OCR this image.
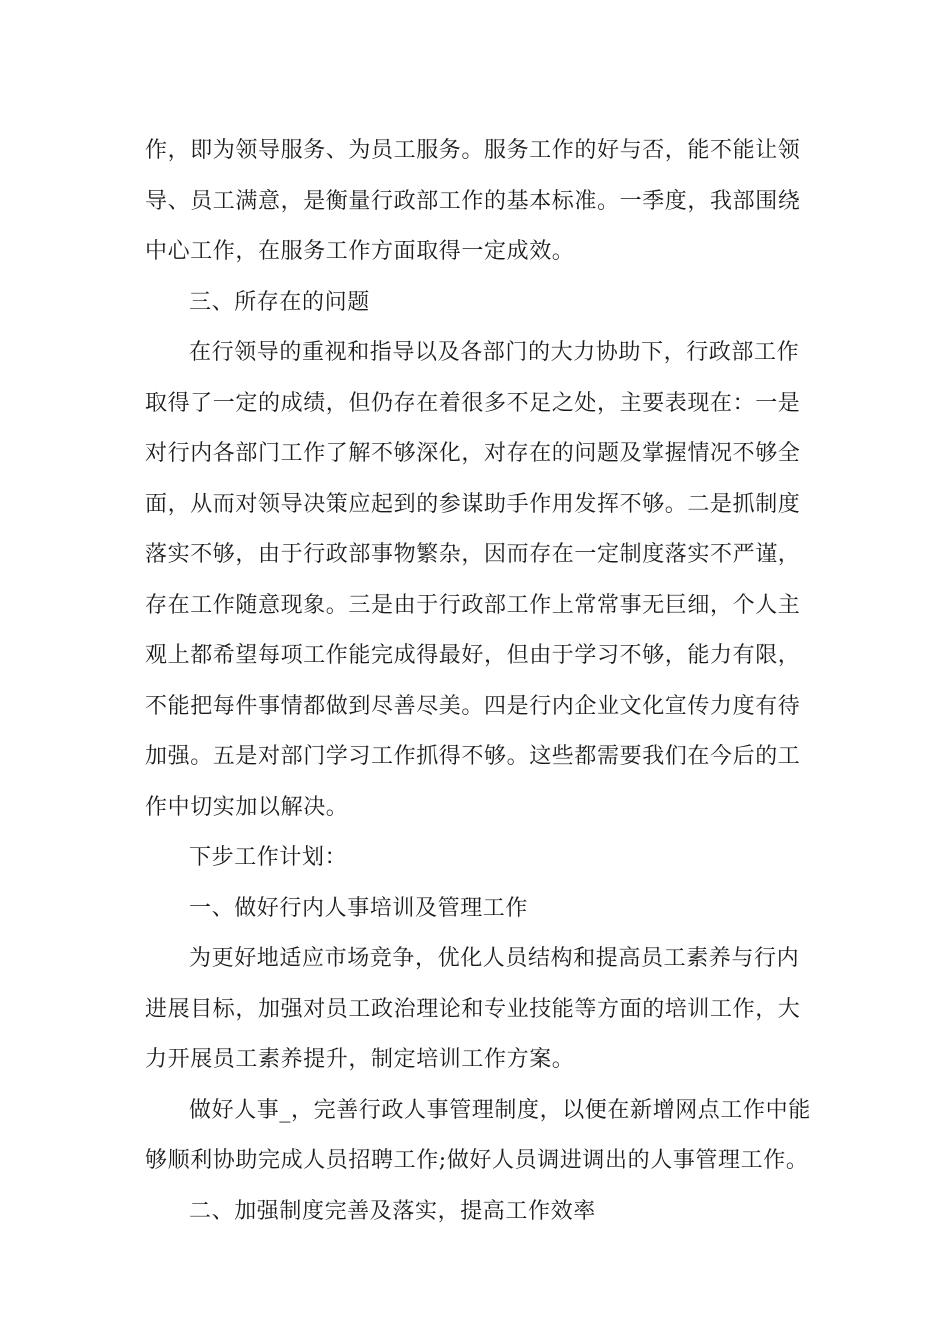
作，即为领导服务、为员工服务。服务工作的好与否，能不能让领
导、员工满意，是衡量行政部工作的基本标准。一季度，我部围绕
中心工作，在服务工作方面取得一定成效。
三、所存在的问题
在行领导的重视和指导以及各部门的大力协助下，行政部工作
取得了一定的成绩，但仍存在着很多不足之处，主要表现在：一是
对行内各部门工作了解不够深化，对存在的问题及掌握情况不够全
面，从而对领导决策应起到的参谋助手作用发挥不够。二是抓制度
落实不够，由于行政部事物繁杂，因而存在一定制度落实不严谨，
存在工作随意现象。三是由于行政部工作上常常事无巨细，个人主
观上都希望每项工作能完成得最好，但由于学习不够，能力有限，
不能把每件事情都做到尽善尽美。四是行内企业文化宣传力度有待
加强。五是对部门学习工作抓得不够。这些都需要我们在今后的工
作中切实加以解决。
下步工作计划：
一、做好行内人事培训及管理工作
为更好地适应市场竞争，优化人员结构和提高员工素养与行内
进展目标，加强对员工政治理论和专业技能等方面的培训工作，大
力开展员工素养提升，制定培训工作方案。
做好人事_，完善行政人事管理制度，以便在新增网点工作中能
够顺利协助完成人员招聘工作;做好人员调进调出的人事管理工作。
二、加强制度完善及落实，提高工作效率
